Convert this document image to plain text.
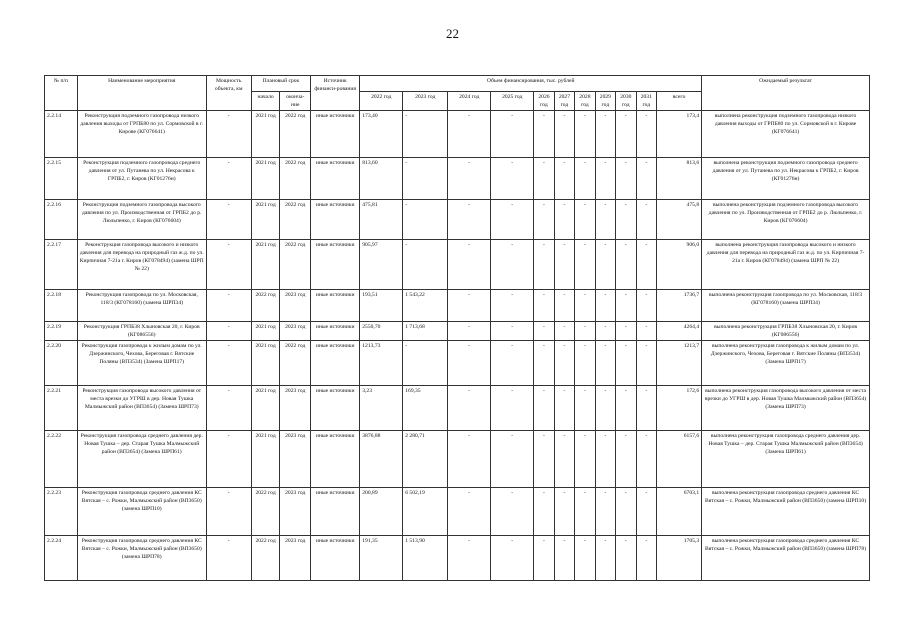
22
№ п/п	Наименование мероприятия	Мощность объекта, км	Плановый срок		Источник финанси-рования	Объем финансирования, тыс. рублей											Ожидаемый результат
			начало	оконча-ние		2022 год	2023 год	2024 год	2025 год	2026 год	2027 год	2028 год	2029 год	2030 год	2031 год	всего	

2.2.14	Реконструкция подземного газопровода низкого давления выходы от ГРПБ80 по ул. Сормовской в г. Кирове (КГ076641)	-	2021 год	2022 год	иные источники	173,40	-	-	-	-	-	-	-	-	-	173,4	выполнена реконструкция подземного газопровода низкого давления выходы от ГРПБ80 по ул. Сормовской в г. Кирове (КГ076641)
2.2.15	Реконструкция подземного газопровода среднего давления от ул. Путанева по ул. Некрасова к ГРПБ2, г. Киров (КГ01276н)	-	2021 год	2022 год	иные источники	813,60	-	-	-	-	-	-	-	-	-	813,6	выполнена реконструкция подземного газопровода среднего давления от ул. Путанева по ул. Некрасова к ГРПБ2, г. Киров (КГ01276н)
2.2.16	Реконструкция подземного газопровода высокого давления по ул. Производственная от ГРПБ2 до р. Люльпенко, г. Киров (КГ076604)	-	2021 год	2022 год	иные источники	475,81	-	-	-	-	-	-	-	-	-	475,8	выполнена реконструкция подземного газопровода высокого давления по ул. Производственная от ГРПБ2 до р. Люльпенко, г. Киров (КГ076604)
2.2.17	Реконструкция газопровода высокого и низкого давления для перевода на природный газ ж.д. по ул. Кирпичная 7-21а г. Киров (КГ078494) (замена ШРП № 22)	-	2021 год	2022 год	иные источники	905,97	-	-	-	-	-	-	-	-	-	906,0	выполнена реконструкция газопровода высокого и низкого давления для перевода на природный газ ж.д. по ул. Кирпичная 7-21а г. Киров (КГ078494) (замена ШРП № 22)
2.2.18	Реконструкция газопровода по ул. Московская, 118/3 (КГ078160) (замена ШРП34)	-	2022 год	2023 год	иные источники	193,51	1 543,22	-	-	-	-	-	-	-	-	1736,7	выполнена реконструкция газопровода по ул. Московская, 118/3 (КГ078160) (замена ШРП34)
2.2.19	Реконструкция ГРПБ38 Хлыновская 20, г. Киров (КГ086556)	-	2021 год	2023 год	иные источники	2550,70	1 713,68	-	-	-	-	-	-	-	-	4264,4	выполнена реконструкция ГРПБ38 Хлыновская 20, г. Киров (КГ086556)
2.2.20	Реконструкция газопровода к жилым домам по ул. Дзержинского, Чехова, Береговая г. Вятские Поляны (ВП3534) (Замена ШРП17)	-	2021 год	2022 год	иные источники	1213,73	-	-	-	-	-	-	-	-	-	1213,7	выполнена реконструкция газопровода к жилым домам по ул. Дзержинского, Чехова, Береговая г. Вятские Поляны (ВП3534) (Замена ШРП17)
2.2.21	Реконструкция газопровода высокого давления от места врезки до УГРШ в дер. Новая Тушка Малмыжский район (ВП3654) (Замена ШРП73)	-	2021 год	2023 год	иные источники	3,23	169,35	-	-	-	-	-	-	-	-	172,6	выполнена реконструкция газопровода высокого давления от места врезки до УГРШ в дер. Новая Тушка Малмыжский район (ВП3654) (Замена ШРП73)
2.2.22	Реконструкция газопровода среднего давления дер. Новая Тушка – дер. Старая Тушка Малмыжский район (ВП3654) (Замена ШРП61)	-	2021 год	2023 год	иные источники	3876,88	2 280,71	-	-	-	-	-	-	-	-	6157,6	выполнена реконструкция газопровода среднего давления дер. Новая Тушка – дер. Старая Тушка Малмыжский район (ВП3654) (Замена ШРП61)
2.2.23	Реконструкция газопровода среднего давления КС Вятская – с. Рожки, Малмыжский район (ВП3650) (замена ШРП10)	-	2022 год	2023 год	иные источники	200,89	6 502,19	-	-	-	-	-	-	-	-	6703,1	выполнена реконструкция газопровода среднего давления КС Вятская – с. Рожки, Малмыжский район (ВП3650) (замена ШРП10)
2.2.24	Реконструкция газопровода среднего давления КС Вятская – с. Рожки, Малмыжский район (ВП3650) (замена ШРП78)	-	2022 год	2023 год	иные источники	191,35	1 513,90	-	-	-	-	-	-	-	-	1705,3	выполнена реконструкция газопровода среднего давления КС Вятская – с. Рожки, Малмыжский район (ВП3650) (замена ШРП78)
